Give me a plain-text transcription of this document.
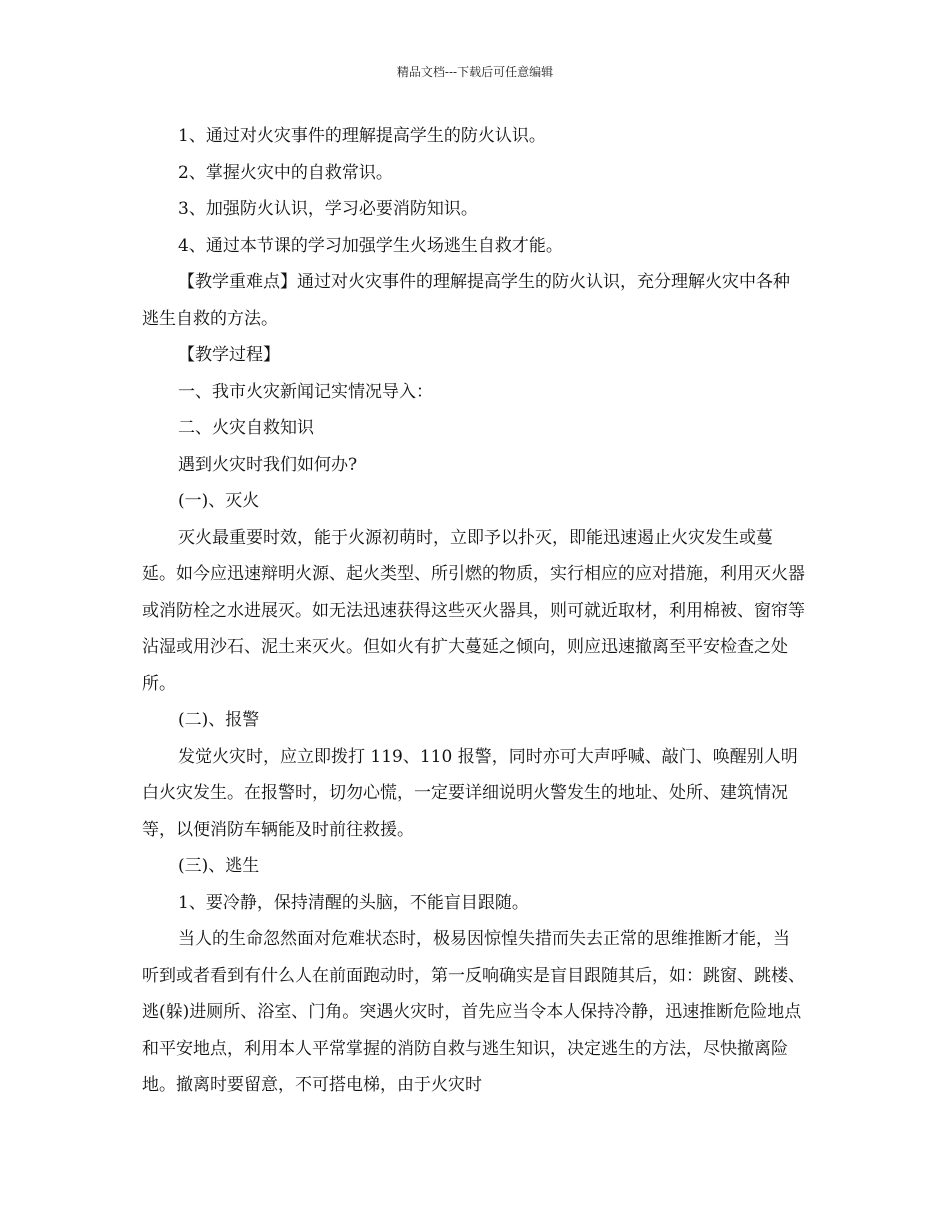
精品文档---下载后可任意编辑

1、通过对火灾事件的理解提高学生的防火认识。

2、掌握火灾中的自救常识。

3、加强防火认识，学习必要消防知识。

4、通过本节课的学习加强学生火场逃生自救才能。

【教学重难点】通过对火灾事件的理解提高学生的防火认识，充分理解火灾中各种逃生自救的方法。

【教学过程】

一、我市火灾新闻记实情况导入：

二、火灾自救知识

遇到火灾时我们如何办?

(一)、灭火

灭火最重要时效，能于火源初萌时，立即予以扑灭，即能迅速遏止火灾发生或蔓延。如今应迅速辩明火源、起火类型、所引燃的物质，实行相应的应对措施，利用灭火器或消防栓之水进展灭。如无法迅速获得这些灭火器具，则可就近取材，利用棉被、窗帘等沾湿或用沙石、泥土来灭火。但如火有扩大蔓延之倾向，则应迅速撤离至平安检查之处所。

(二)、报警

发觉火灾时，应立即拨打 119、110 报警，同时亦可大声呼喊、敲门、唤醒别人明白火灾发生。在报警时，切勿心慌，一定要详细说明火警发生的地址、处所、建筑情况等，以便消防车辆能及时前往救援。

(三)、逃生

1、要冷静，保持清醒的头脑，不能盲目跟随。

当人的生命忽然面对危难状态时，极易因惊惶失措而失去正常的思维推断才能，当听到或者看到有什么人在前面跑动时，第一反响确实是盲目跟随其后，如：跳窗、跳楼、逃(躲)进厕所、浴室、门角。突遇火灾时，首先应当令本人保持冷静，迅速推断危险地点和平安地点，利用本人平常掌握的消防自救与逃生知识，决定逃生的方法，尽快撤离险地。撤离时要留意，不可搭电梯，由于火灾时
